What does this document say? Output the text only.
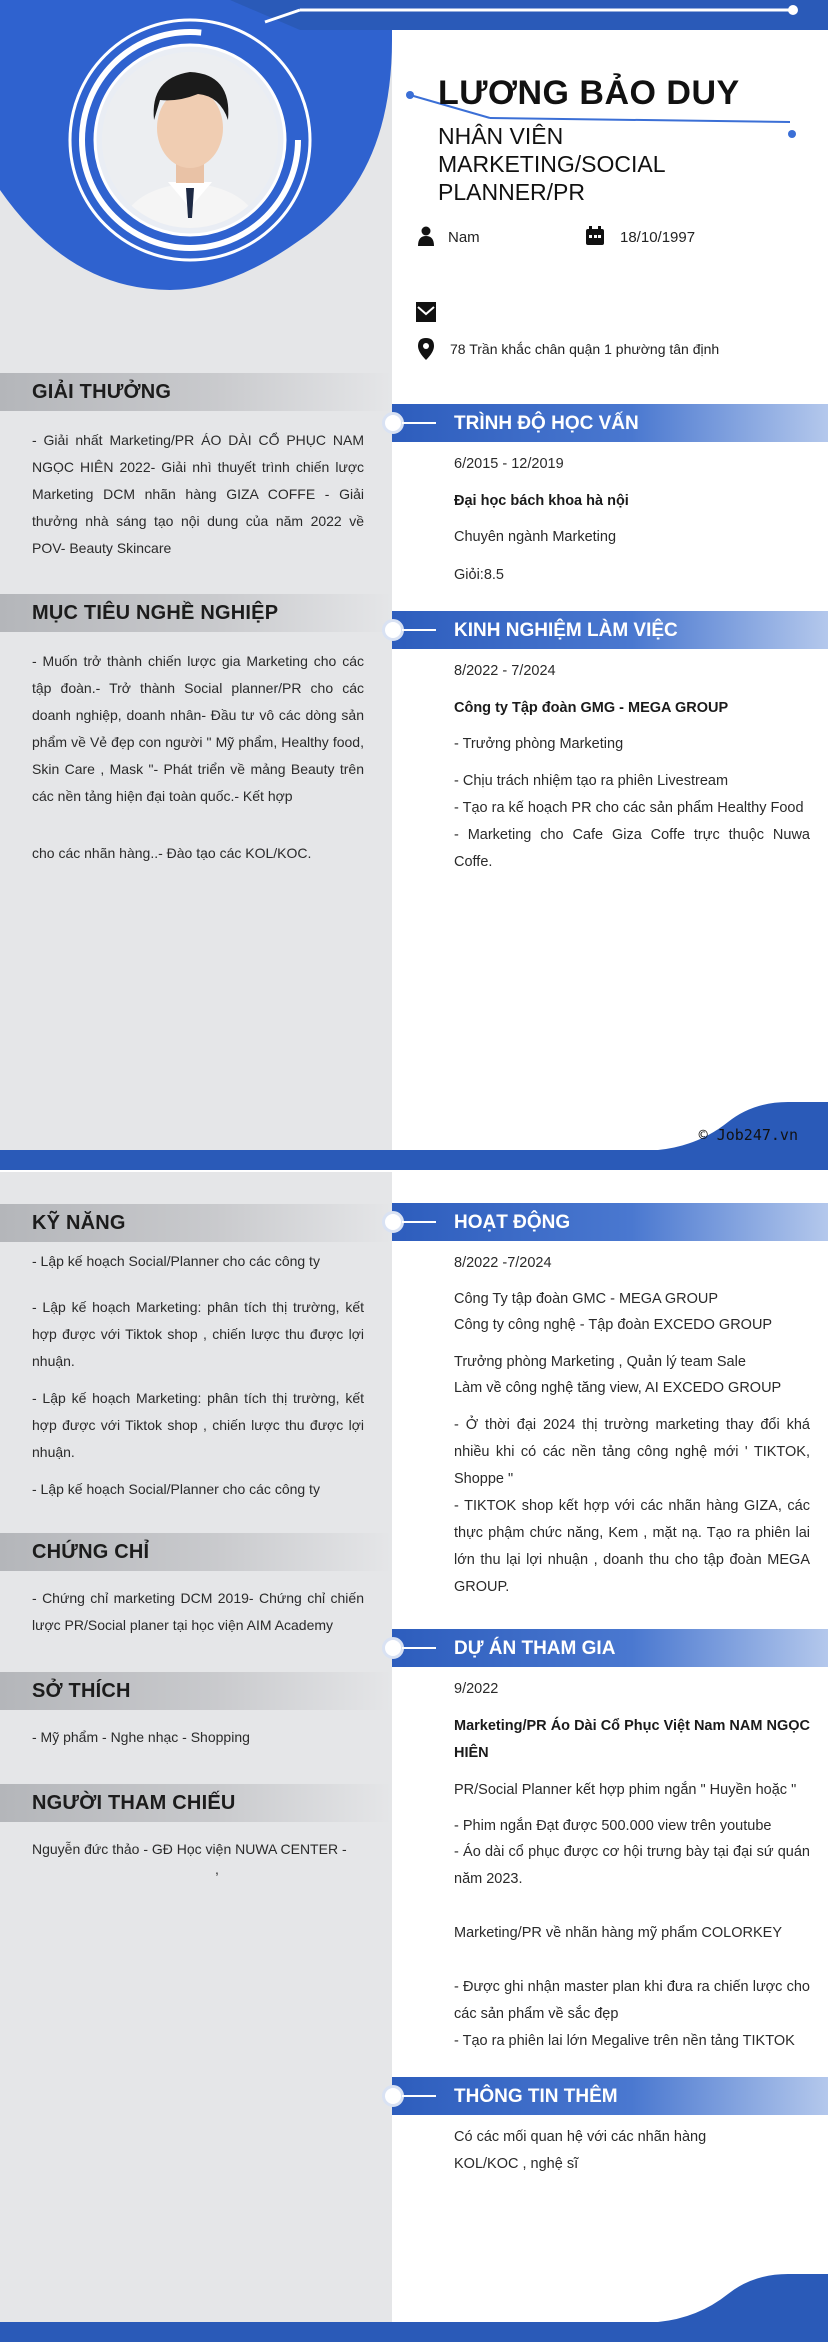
LƯƠNG BẢO DUY
NHÂN VIÊN MARKETING/SOCIAL PLANNER/PR
Nam	18/10/1997
78 Trần khắc chân quận 1 phường tân định
GIẢI THƯỞNG
- Giải nhất Marketing/PR ÁO DÀI CỔ PHỤC NAM NGỌC HIÊN 2022- Giải nhì thuyết trình chiến lược Marketing DCM nhãn hàng GIZA COFFE - Giải thưởng nhà sáng tạo nội dung của năm 2022 về POV- Beauty Skincare
MỤC TIÊU NGHỀ NGHIỆP
- Muốn trở thành chiến lược gia Marketing cho các tập đoàn.- Trở thành Social planner/PR cho các doanh nghiệp, doanh nhân- Đầu tư vô các dòng sản phẩm về Vẻ đẹp con người " Mỹ phẩm, Healthy food, Skin Care , Mask "- Phát triển về mảng Beauty trên các nền tảng hiện đại toàn quốc.- Kết hợp
cho các nhãn hàng..- Đào tạo các KOL/KOC.
TRÌNH ĐỘ HỌC VẤN
6/2015 - 12/2019
Đại học bách khoa hà nội
Chuyên ngành Marketing
Giỏi:8.5
KINH NGHIỆM LÀM VIỆC
8/2022 - 7/2024
Công ty Tập đoàn GMG - MEGA GROUP
- Trưởng phòng Marketing
- Chịu trách nhiệm tạo ra phiên Livestream
- Tạo ra kế hoạch PR cho các sản phẩm Healthy Food
- Marketing cho Cafe Giza Coffe trực thuộc Nuwa Coffe.
© Job247.vn
KỸ NĂNG
- Lập kế hoạch Social/Planner cho các công ty
- Lập kế hoạch Marketing: phân tích thị trường, kết hợp được với Tiktok shop , chiến lược thu được lợi nhuận.
- Lập kế hoạch Marketing: phân tích thị trường, kết hợp được với Tiktok shop , chiến lược thu được lợi nhuận.
- Lập kế hoạch Social/Planner cho các công ty
CHỨNG CHỈ
- Chứng chỉ marketing DCM 2019- Chứng chỉ chiến lược PR/Social planer tại học viện AIM Academy
SỞ THÍCH
- Mỹ phẩm - Nghe nhạc - Shopping
NGƯỜI THAM CHIẾU
Nguyễn đức thảo - GĐ Học viện NUWA CENTER -
,
HOẠT ĐỘNG
8/2022 -7/2024
Công Ty tập đoàn GMC - MEGA GROUP
Công ty công nghệ - Tập đoàn EXCEDO GROUP
Trưởng phòng Marketing , Quản lý team Sale
Làm về công nghệ tăng view, AI EXCEDO GROUP
- Ở thời đại 2024 thị trường marketing thay đổi khá nhiều khi có các nền tảng công nghệ mới ' TIKTOK, Shoppe "
- TIKTOK shop kết hợp với các nhãn hàng GIZA, các thực phậm chức năng, Kem , mặt nạ. Tạo ra phiên lai lớn thu lại lợi nhuận , doanh thu cho tập đoàn MEGA GROUP.
DỰ ÁN THAM GIA
9/2022
Marketing/PR Áo Dài Cổ Phục Việt Nam NAM NGỌC HIÊN
PR/Social Planner kết hợp phim ngắn " Huyền hoặc "
- Phim ngắn Đạt được 500.000 view trên youtube
- Áo dài cổ phục được cơ hội trưng bày tại đại sứ quán năm 2023.
Marketing/PR về nhãn hàng mỹ phẩm COLORKEY
- Được ghi nhận master plan khi đưa ra chiến lược cho các sản phẩm về sắc đẹp
- Tạo ra phiên lai lớn Megalive trên nền tảng TIKTOK
THÔNG TIN THÊM
Có các mối quan hệ với các nhãn hàng KOL/KOC , nghệ sĩ
